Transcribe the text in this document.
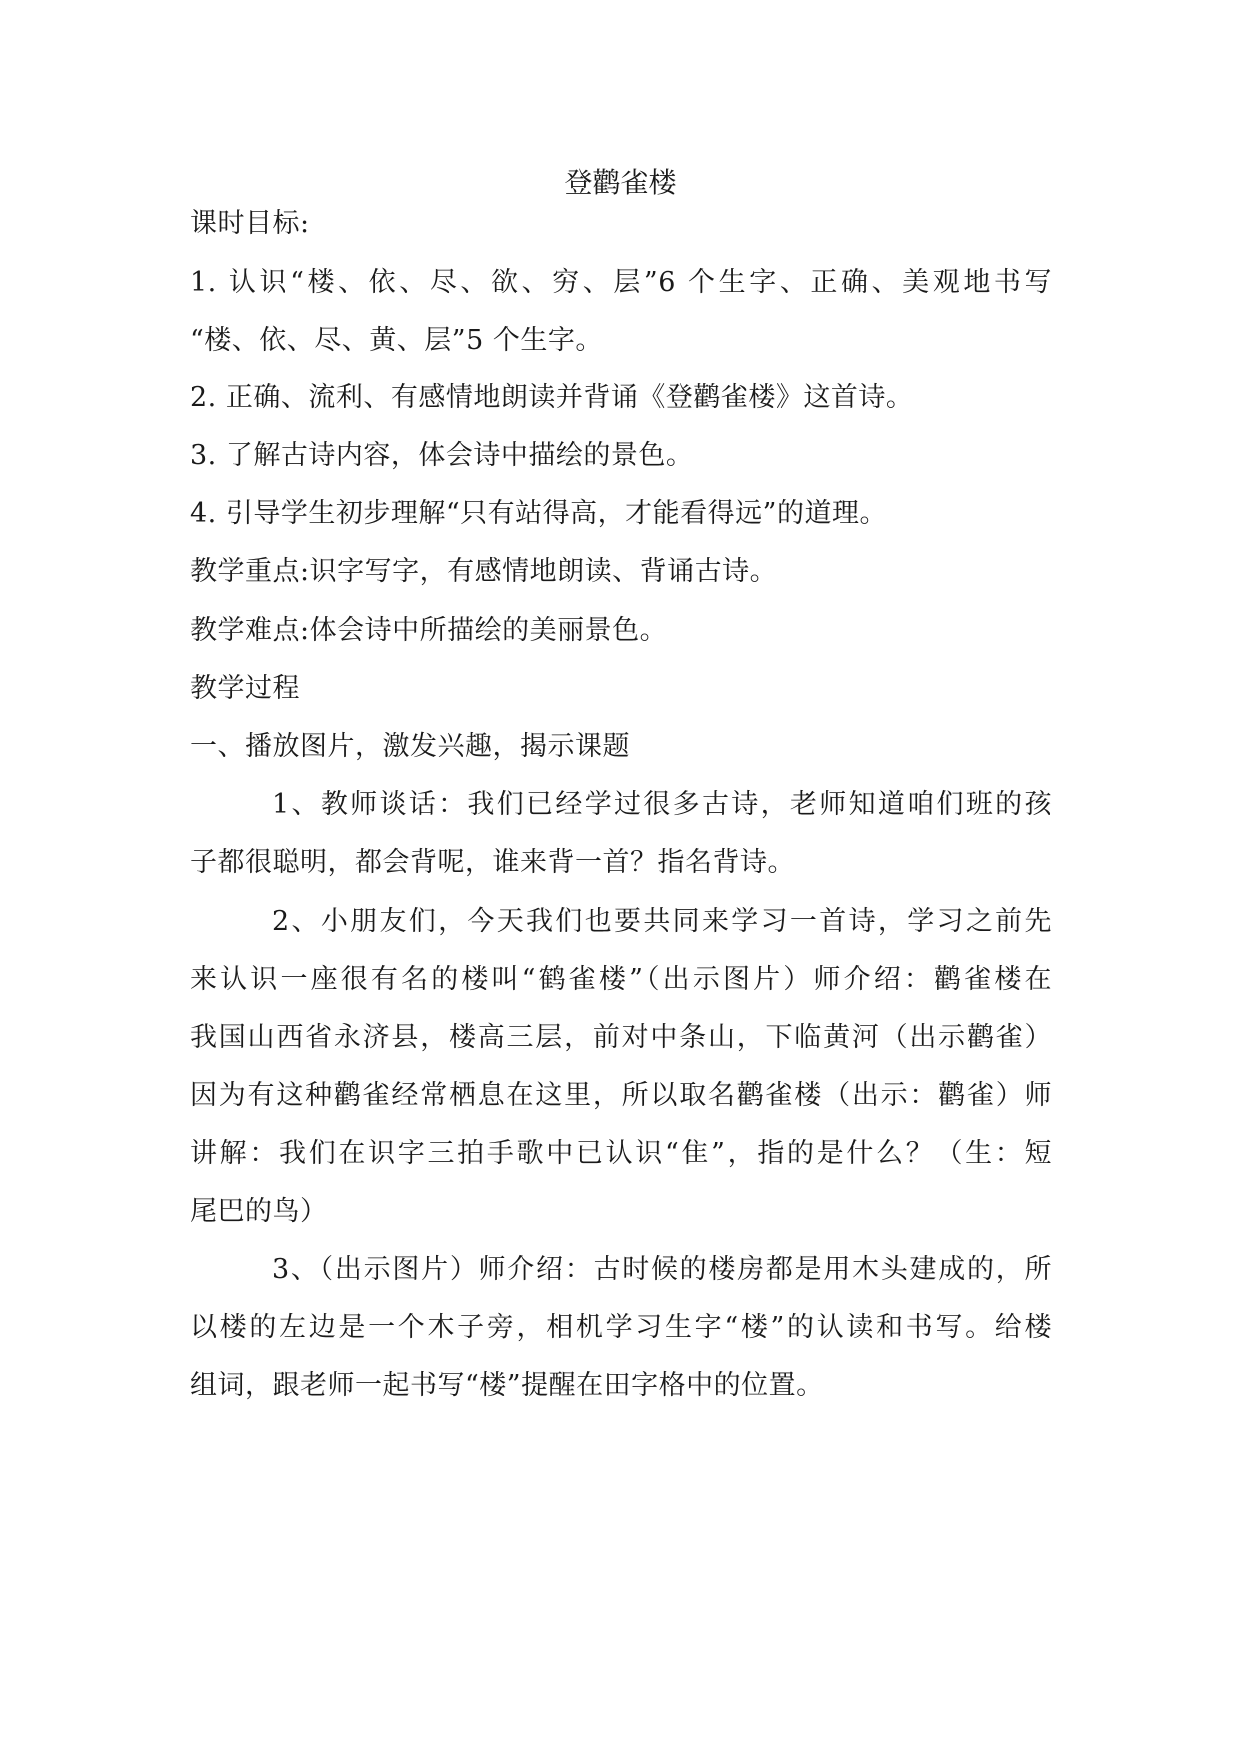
登鹳雀楼

课时目标:

1. 认识“楼、依、尽、欲、穷、层”6 个生字、正确、美观地书写

“楼、依、尽、黄、层”5 个生字。

2. 正确、流利、有感情地朗读并背诵《登鹳雀楼》这首诗。

3. 了解古诗内容，体会诗中描绘的景色。

4. 引导学生初步理解“只有站得高，才能看得远”的道理。

教学重点:识字写字，有感情地朗读、背诵古诗。

教学难点:体会诗中所描绘的美丽景色。

教学过程

一、播放图片，激发兴趣，揭示课题

1、教师谈话：我们已经学过很多古诗，老师知道咱们班的孩

子都很聪明，都会背呢，谁来背一首？指名背诗。

2、小朋友们，今天我们也要共同来学习一首诗，学习之前先

来认识一座很有名的楼叫“鹤雀楼”（出示图片）师介绍：鹳雀楼在

我国山西省永济县，楼高三层，前对中条山，下临黄河（出示鹳雀）

因为有这种鹳雀经常栖息在这里，所以取名鹳雀楼（出示：鹳雀）师

讲解：我们在识字三拍手歌中已认识“隹”，指的是什么？（生：短

尾巴的鸟）

3、（出示图片）师介绍：古时候的楼房都是用木头建成的，所

以楼的左边是一个木子旁，相机学习生字“楼”的认读和书写。给楼

组词，跟老师一起书写“楼”提醒在田字格中的位置。
